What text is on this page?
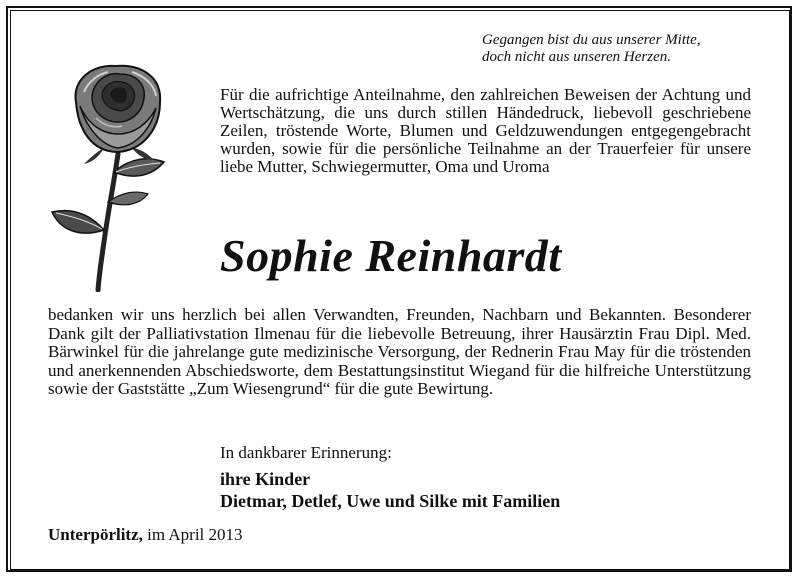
Gegangen bist du aus unserer Mitte,
doch nicht aus unseren Herzen.
Für die aufrichtige Anteilnahme, den zahlreichen Beweisen der Achtung und Wertschätzung, die uns durch stillen Händedruck, liebevoll geschriebene Zeilen, tröstende Worte, Blumen und Geldzuwendungen entgegengebracht wurden, sowie für die persönliche Teilnahme an der Trauerfeier für unsere liebe Mutter, Schwiegermutter, Oma und Uroma
Sophie Reinhardt
bedanken wir uns herzlich bei allen Verwandten, Freunden, Nachbarn und Bekannten. Besonderer Dank gilt der Palliativstation Ilmenau für die liebevolle Betreuung, ihrer Hausärztin Frau Dipl. Med. Bärwinkel für die jahrelange gute medizinische Versorgung, der Rednerin Frau May für die tröstenden und anerkennenden Abschiedsworte, dem Bestattungsinstitut Wiegand für die hilfreiche Unterstützung sowie der Gaststätte „Zum Wiesengrund“ für die gute Bewirtung.
In dankbarer Erinnerung:
ihre Kinder
Dietmar, Detlef, Uwe und Silke mit Familien
Unterpörlitz, im April 2013
